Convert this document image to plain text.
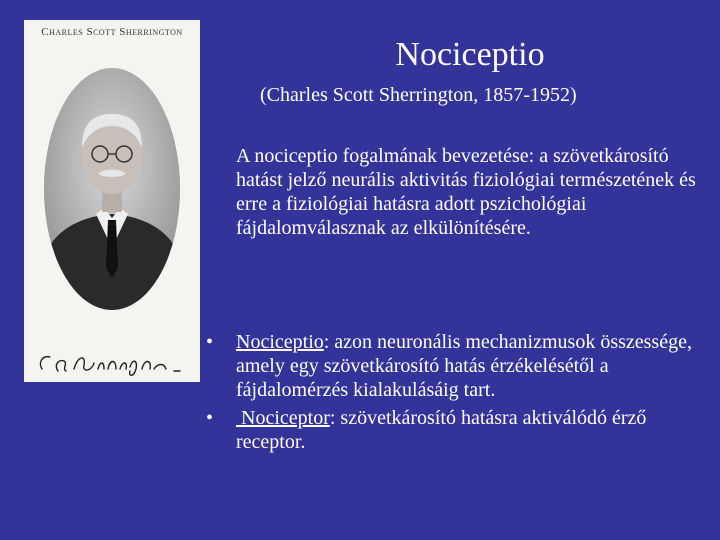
Charles Scott Sherrington
Nociceptio

(Charles Scott Sherrington, 1857-1952)

A nociceptio fogalmának bevezetése: a szövetkárosító hatást jelző neurális aktivitás fiziológiai természetének és erre a fiziológiai hatásra adott pszichológiai fájdalomválasznak az elkülönítésére.

• Nociceptio: azon neuronális mechanizmusok összessége, amely egy szövetkárosító hatás érzékelésétől a fájdalomérzés kialakulásáig tart.
• Nociceptor: szövetkárosító hatásra aktiválódó érző receptor.
